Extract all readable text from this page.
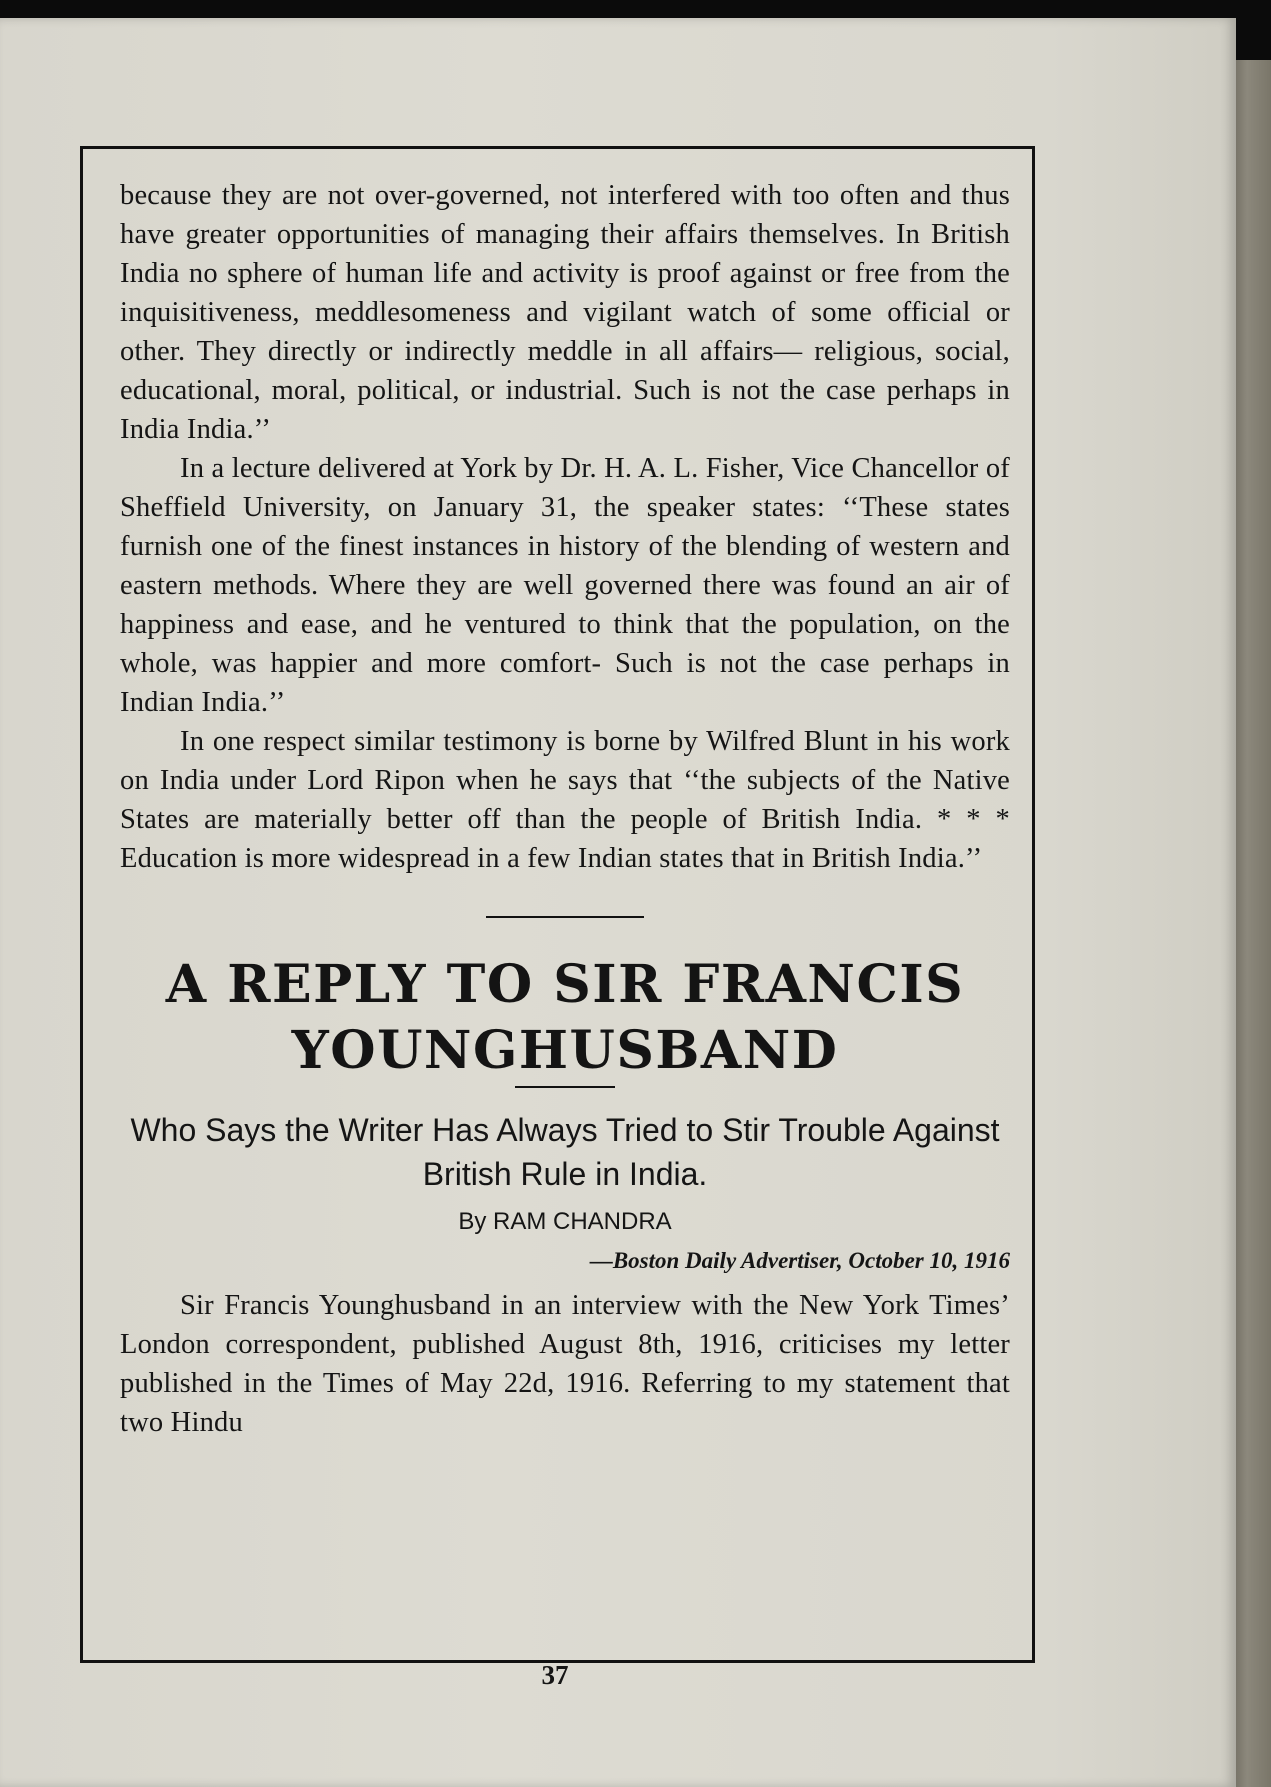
because they are not over-governed, not interfered with too often and thus have greater opportunities of managing their affairs themselves. In British India no sphere of human life and activity is proof against or free from the inquisitiveness, meddlesomeness and vigilant watch of some official or other. They directly or indirectly meddle in all affairs— religious, social, educational, moral, political, or industrial. Such is not the case perhaps in India India.’’

In a lecture delivered at York by Dr. H. A. L. Fisher, Vice Chancellor of Sheffield University, on January 31, the speaker states: ‘‘These states furnish one of the finest instances in history of the blending of western and eastern methods. Where they are well governed there was found an air of happiness and ease, and he ventured to think that the population, on the whole, was happier and more comfort- Such is not the case perhaps in Indian India.’’

In one respect similar testimony is borne by Wilfred Blunt in his work on India under Lord Ripon when he says that ‘‘the subjects of the Native States are materially better off than the people of British India. * * * Education is more widespread in a few Indian states that in British India.’’

A REPLY TO SIR FRANCIS
YOUNGHUSBAND

Who Says the Writer Has Always Tried to Stir Trouble Against British Rule in India.

By RAM CHANDRA

—Boston Daily Advertiser, October 10, 1916

Sir Francis Younghusband in an interview with the New York Times’ London correspondent, published August 8th, 1916, criticises my letter published in the Times of May 22d, 1916. Referring to my statement that two Hindu

37
